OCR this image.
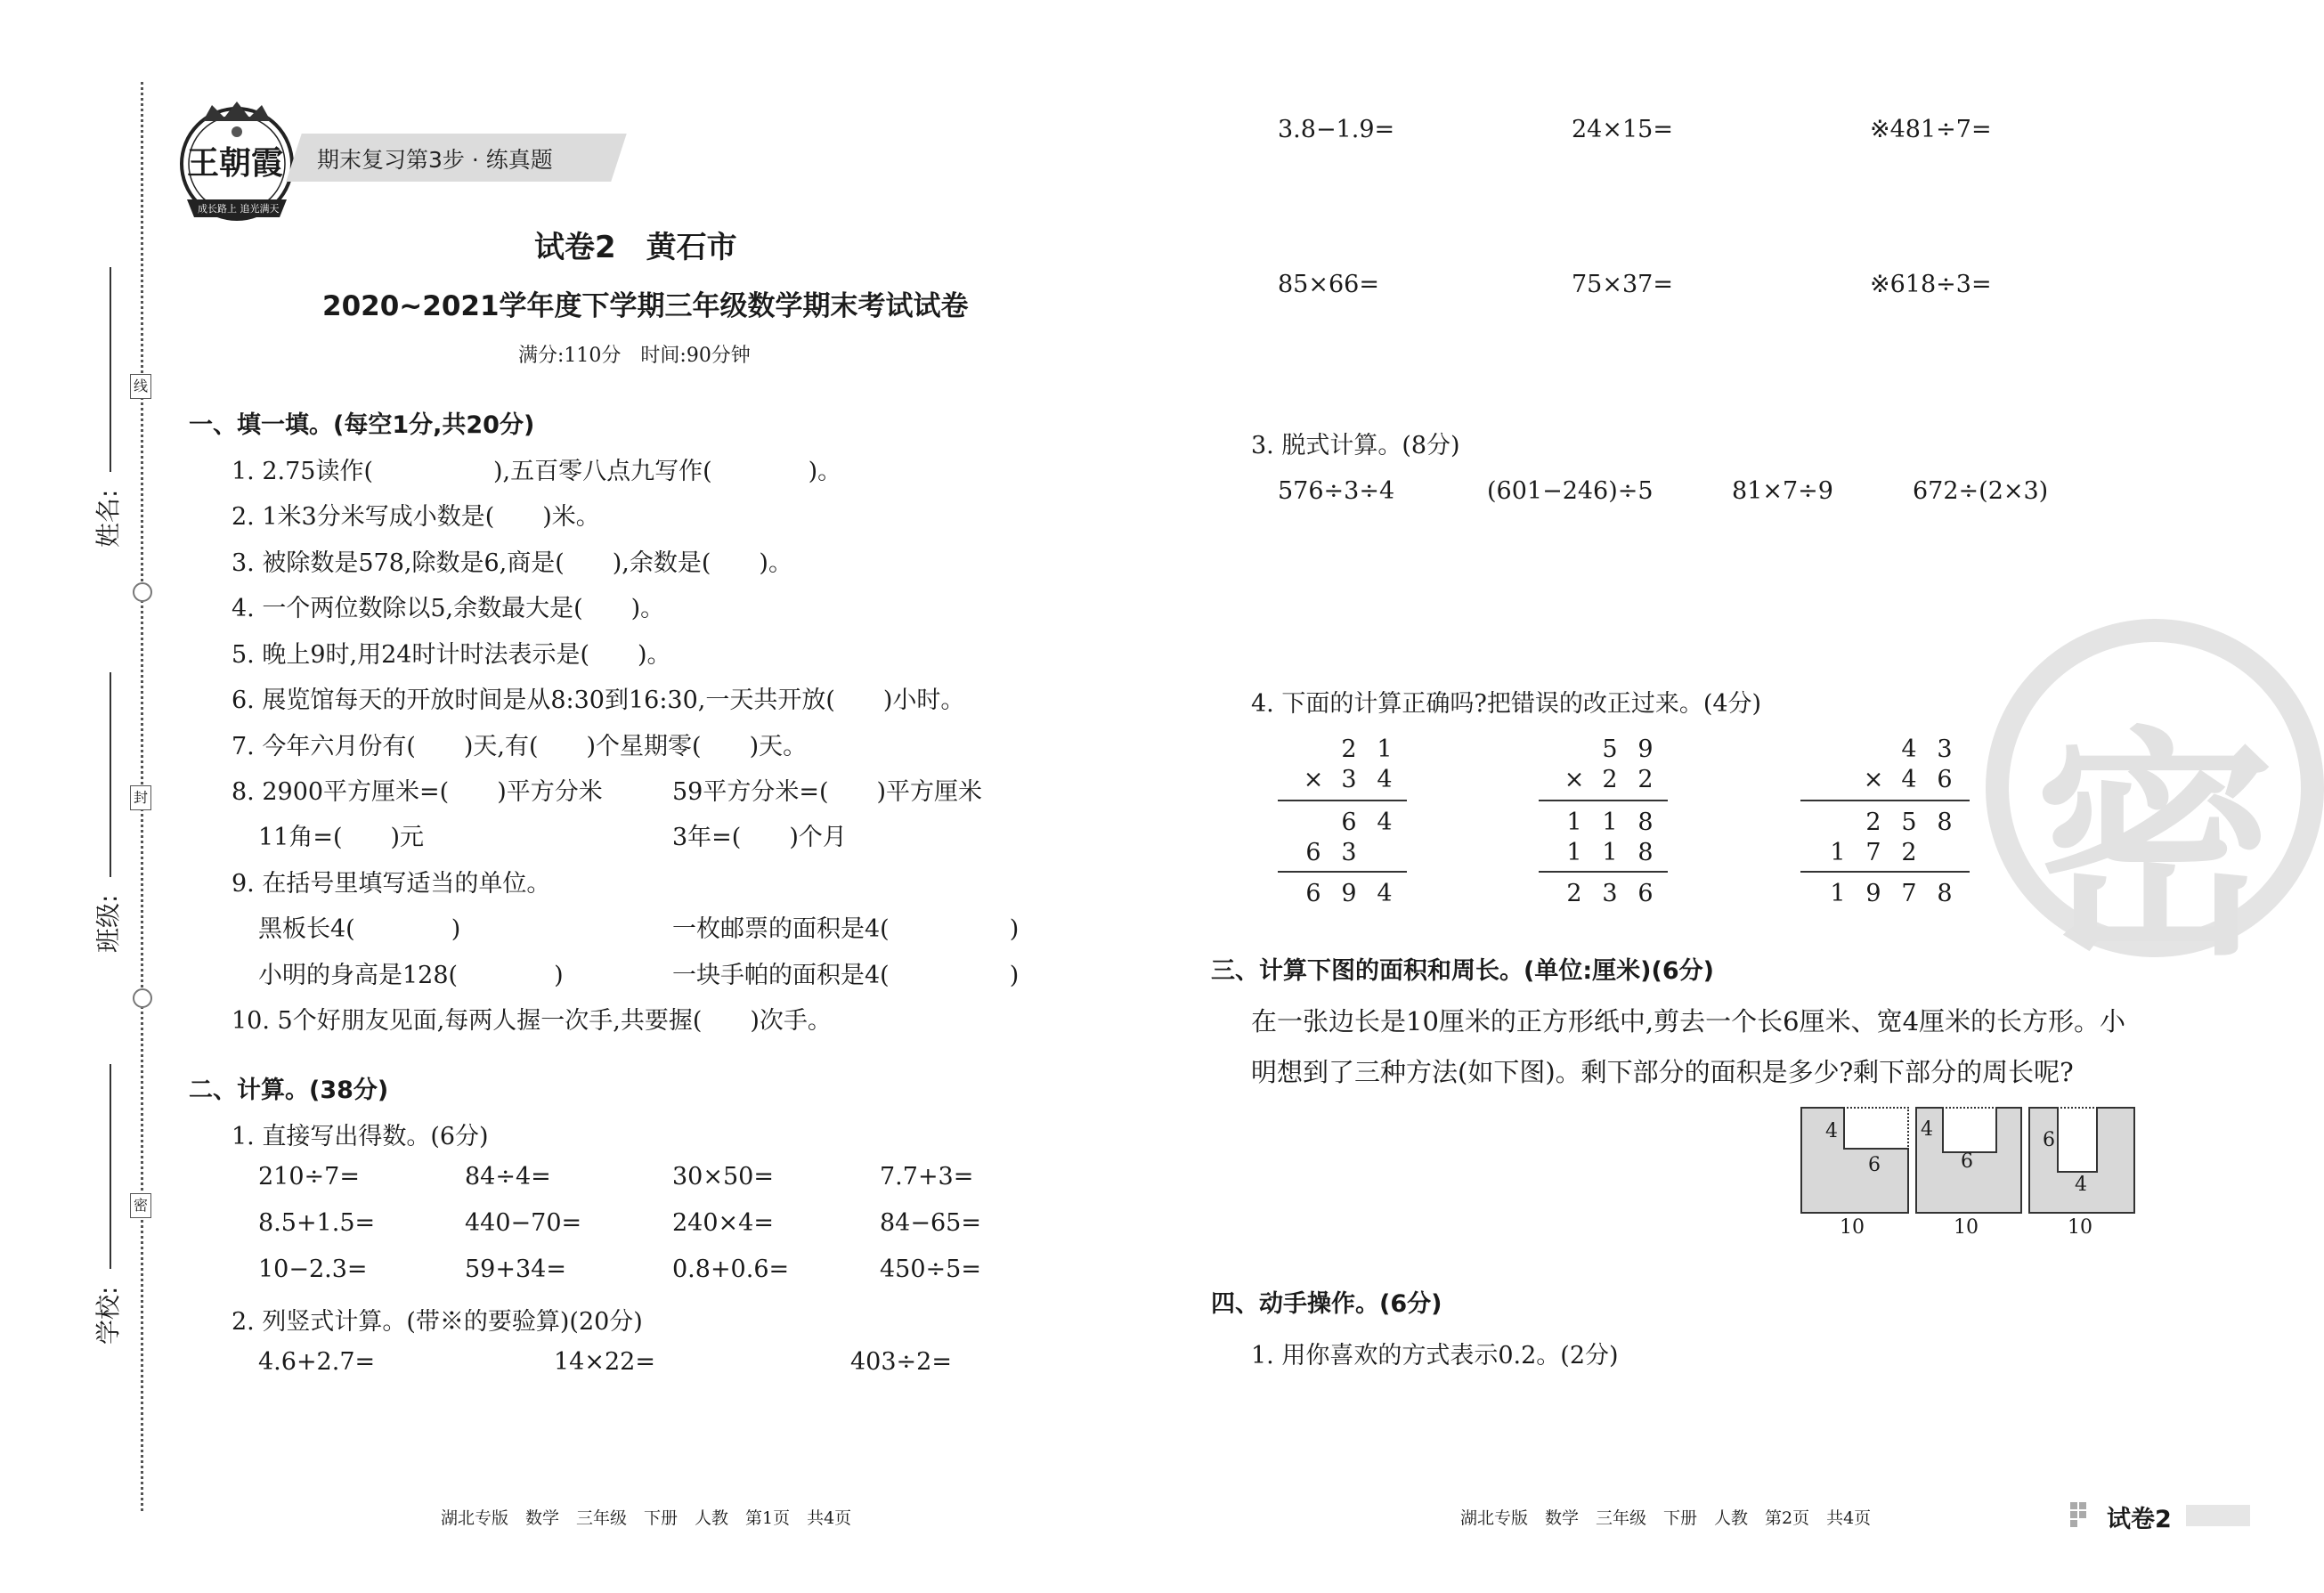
线
封
密
姓名:
班级:
学校:
王朝霞
成长路上 追光满天
期末复习第3步 · 练真题
试卷2　黄石市
2020~2021学年度下学期三年级数学期末考试试卷
满分:110分　时间:90分钟
一、填一填。(每空1分,共20分)
1. 2.75读作(　　　　　),五百零八点九写作(　　　　)。
2. 1米3分米写成小数是(　　)米。
3. 被除数是578,除数是6,商是(　　),余数是(　　)。
4. 一个两位数除以5,余数最大是(　　)。
5. 晚上9时,用24时计时法表示是(　　)。
6. 展览馆每天的开放时间是从8:30到16:30,一天共开放(　　)小时。
7. 今年六月份有(　　)天,有(　　)个星期零(　　)天。
8. 2900平方厘米=(　　)平方分米	59平方分米=(　　)平方厘米
11角=(　　)元	3年=(　　)个月
9. 在括号里填写适当的单位。
黑板长4(　　　　)	一枚邮票的面积是4(　　　　　)
小明的身高是128(　　　　)	一块手帕的面积是4(　　　　　)
10. 5个好朋友见面,每两人握一次手,共要握(　　)次手。
二、计算。(38分)
1. 直接写出得数。(6分)
210÷7=	84÷4=	30×50=	7.7+3=
8.5+1.5=	440−70=	240×4=	84−65=
10−2.3=	59+34=	0.8+0.6=	450÷5=
2. 列竖式计算。(带※的要验算)(20分)
4.6+2.7=	14×22=	403÷2=
湖北专版　数学　三年级　下册　人教　第1页　共4页
3.8−1.9=	24×15=	※481÷7=
85×66=	75×37=	※618÷3=
3. 脱式计算。(8分)
576÷3÷4	(601−246)÷5	81×7÷9	672÷(2×3)
4. 下面的计算正确吗?把错误的改正过来。(4分)
2 1
× 3 4
6 4
6 3
6 9 4
5 9
× 2 2
1 1 8
1 1 8
2 3 6
4 3
× 4 6
2 5 8
1 7 2
1 9 7 8
三、计算下图的面积和周长。(单位:厘米)(6分)
在一张边长是10厘米的正方形纸中,剪去一个长6厘米、宽4厘米的长方形。小
明想到了三种方法(如下图)。剩下部分的面积是多少?剩下部分的周长呢?
4
6
10
4
6
10
6
4
10
四、动手操作。(6分)
1. 用你喜欢的方式表示0.2。(2分)
密
湖北专版　数学　三年级　下册　人教　第2页　共4页	试卷2
